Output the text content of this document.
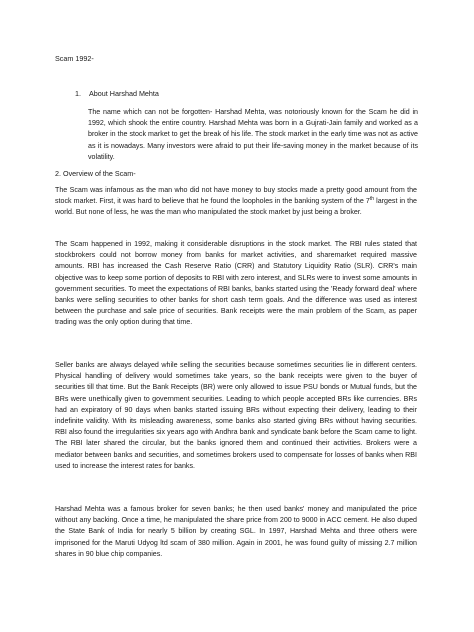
Scam 1992-

1. About Harshad Mehta

The name which can not be forgotten- Harshad Mehta, was notoriously known for the Scam he did in 1992, which shook the entire country. Harshad Mehta was born in a Gujrati-Jain family and worked as a broker in the stock market to get the break of his life. The stock market in the early time was not as active as it is nowadays. Many investors were afraid to put their life-saving money in the market because of its volatility.

2. Overview of the Scam-

The Scam was infamous as the man who did not have money to buy stocks made a pretty good amount from the stock market. First, it was hard to believe that he found the loopholes in the banking system of the 7th largest in the world. But none of less, he was the man who manipulated the stock market by just being a broker.

The Scam happened in 1992, making it considerable disruptions in the stock market. The RBI rules stated that stockbrokers could not borrow money from banks for market activities, and sharemarket required massive amounts. RBI has increased the Cash Reserve Ratio (CRR) and Statutory Liquidity Ratio (SLR). CRR's main objective was to keep some portion of deposits to RBI with zero interest, and SLRs were to invest some amounts in government securities. To meet the expectations of RBI banks, banks started using the 'Ready forward deal' where banks were selling securities to other banks for short cash term goals. And the difference was used as interest between the purchase and sale price of securities. Bank receipts were the main problem of the Scam, as paper trading was the only option during that time.

Seller banks are always delayed while selling the securities because sometimes securities lie in different centers. Physical handling of delivery would sometimes take years, so the bank receipts were given to the buyer of securities till that time. But the Bank Receipts (BR) were only allowed to issue PSU bonds or Mutual funds, but the BRs were unethically given to government securities. Leading to which people accepted BRs like currencies. BRs had an expiratory of 90 days when banks started issuing BRs without expecting their delivery, leading to their indefinite validity. With its misleading awareness, some banks also started giving BRs without having securities. RBI also found the irregularities six years ago with Andhra bank and syndicate bank before the Scam came to light. The RBI later shared the circular, but the banks ignored them and continued their activities. Brokers were a mediator between banks and securities, and sometimes brokers used to compensate for losses of banks when RBI used to increase the interest rates for banks.

Harshad Mehta was a famous broker for seven banks; he then used banks' money and manipulated the price without any backing. Once a time, he manipulated the share price from 200 to 9000 in ACC cement. He also duped the State Bank of India for nearly 5 billion by creating SGL. In 1997, Harshad Mehta and three others were imprisoned for the Maruti Udyog ltd scam of 380 million. Again in 2001, he was found guilty of missing 2.7 million shares in 90 blue chip companies.
